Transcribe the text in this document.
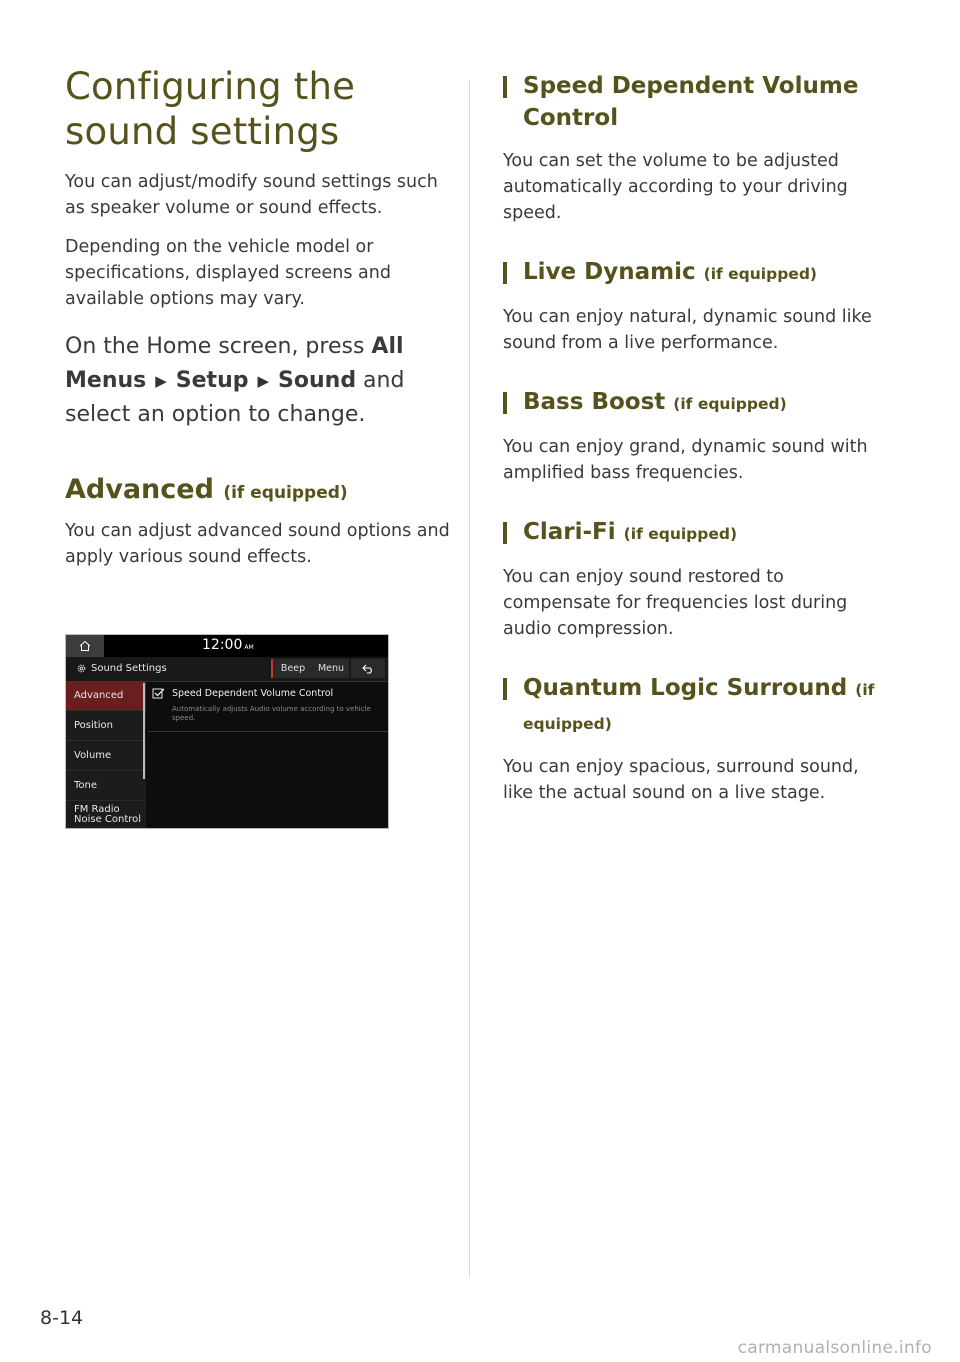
Configuring the sound settings

You can adjust/modify sound settings such as speaker volume or sound effects.

Depending on the vehicle model or specifications, displayed screens and available options may vary.

On the Home screen, press All Menus ▶ Setup ▶ Sound and select an option to change.

Advanced (if equipped)

You can adjust advanced sound options and apply various sound effects.

12:00 AM
Sound Settings	Beep	Menu
Advanced
Position
Volume
Tone
FM Radio Noise Control
Speed Dependent Volume Control
Automatically adjusts Audio volume according to vehicle speed.
Speed Dependent Volume Control
You can set the volume to be adjusted automatically according to your driving speed.
Live Dynamic (if equipped)
You can enjoy natural, dynamic sound like sound from a live performance.
Bass Boost (if equipped)
You can enjoy grand, dynamic sound with amplified bass frequencies.
Clari-Fi (if equipped)
You can enjoy sound restored to compensate for frequencies lost during audio compression.
Quantum Logic Surround (if equipped)
You can enjoy spacious, surround sound, like the actual sound on a live stage.
8-14
carmanualsonline.info
